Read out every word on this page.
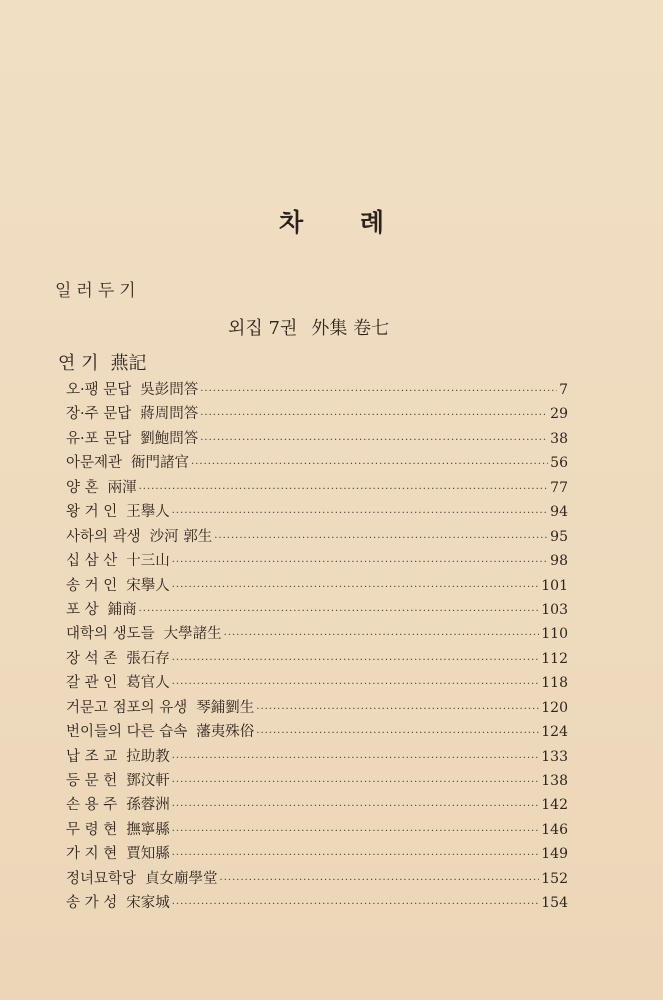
차 례
일러두기
외집 7권 外集 卷七
연 기 燕記
오·팽 문답 吳彭問答 ·····	7
장·주 문답 蔣周問答 ·····	29
유·포 문답 劉鮑問答 ·····	38
아문제관 衙門諸官 ·····	56
양 혼 兩渾 ·····	77
왕 거 인 王擧人 ·····	94
사하의 곽생 沙河 郭生 ·····	95
십 삼 산 十三山 ·····	98
송 거 인 宋擧人 ·····	101
포 상 鋪商 ·····	103
대학의 생도들 大學諸生 ·····	110
장 석 존 張石存 ·····	112
갈 관 인 葛官人 ·····	118
거문고 점포의 유생 琴鋪劉生 ·····	120
번이들의 다른 습속 藩夷殊俗 ·····	124
납 조 교 拉助教 ·····	133
등 문 헌 鄧汶軒 ·····	138
손 용 주 孫蓉洲 ·····	142
무 령 현 撫寧縣 ·····	146
가 지 현 賈知縣 ·····	149
정녀묘학당 貞女廟學堂 ·····	152
송 가 성 宋家城 ·····	154
